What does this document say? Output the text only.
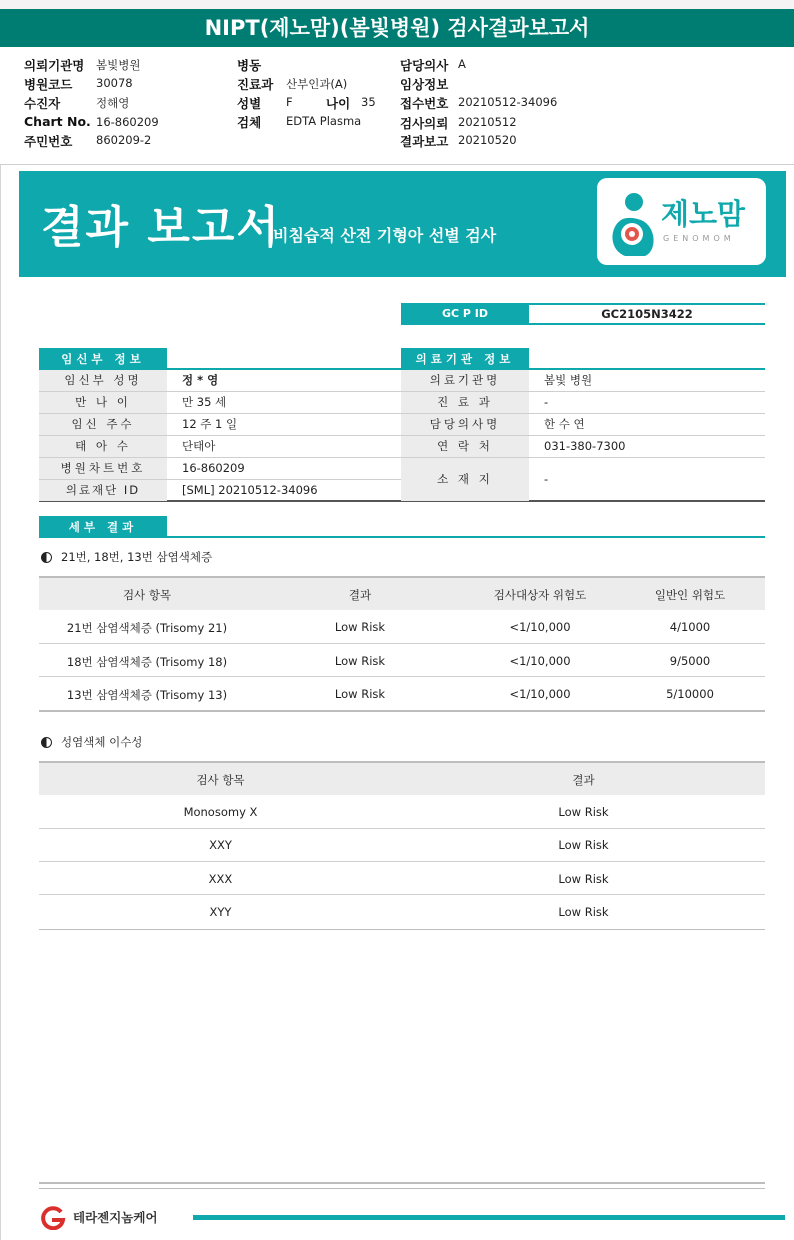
NIPT(제노맘)(봄빛병원) 검사결과보고서
의뢰기관명 봄빛병원
병원코드 30078
수진자	정해영
Chart No. 16-860209
주민번호 860209-2
병동
진료과 산부인과(A)
성별 F	나이 35
검체 EDTA Plasma
담당의사 A
임상정보
접수번호 20210512-34096
검사의뢰 20210512
결과보고 20210520
결과 보고서
비침습적 산전 기형아 선별 검사
제노맘
GENOMOM
GC P ID	GC2105N3422
임신부 정보
임신부 성명	정 * 영
만 나 이	만 35 세
임신 주수	12 주 1 일
태 아 수	단태아
병원차트번호	16-860209
의료재단 ID	[SML] 20210512-34096
의료기관 정보
의료기관명	봄빛 병원
진 료 과	-
담당의사명	한 수 연
연 락 처	031-380-7300
소 재 지	-
세부 결과
21번, 18번, 13번 삼염색체증
검사 항목	결과	검사대상자 위험도	일반인 위험도
21번 삼염색체증 (Trisomy 21)	Low Risk	<1/10,000	4/1000
18번 삼염색체증 (Trisomy 18)	Low Risk	<1/10,000	9/5000
13번 삼염색체증 (Trisomy 13)	Low Risk	<1/10,000	5/10000
성염색체 이수성
검사 항목	결과
Monosomy X	Low Risk
XXY	Low Risk
XXX	Low Risk
XYY	Low Risk
테라젠지놈케어
